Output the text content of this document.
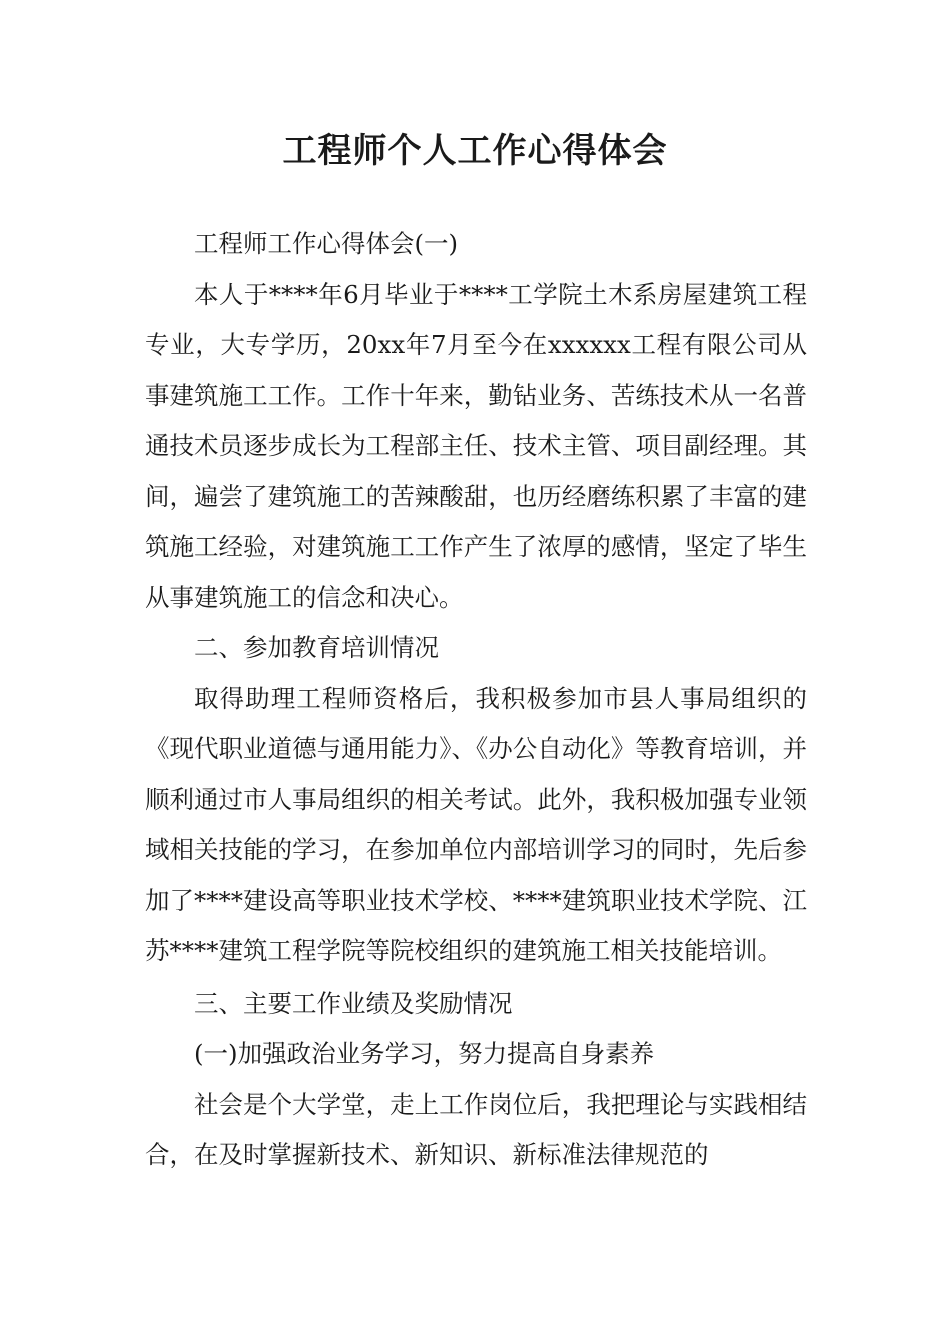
工程师个人工作心得体会

工程师工作心得体会(一)

本人于****年6月毕业于****工学院土木系房屋建筑工程专业，大专学历，20xx年7月至今在xxxxxx工程有限公司从事建筑施工工作。工作十年来，勤钻业务、苦练技术从一名普通技术员逐步成长为工程部主任、技术主管、项目副经理。其间，遍尝了建筑施工的苦辣酸甜，也历经磨练积累了丰富的建筑施工经验，对建筑施工工作产生了浓厚的感情，坚定了毕生从事建筑施工的信念和决心。

二、参加教育培训情况

取得助理工程师资格后，我积极参加市县人事局组织的《现代职业道德与通用能力》、《办公自动化》等教育培训，并顺利通过市人事局组织的相关考试。此外，我积极加强专业领域相关技能的学习，在参加单位内部培训学习的同时，先后参加了****建设高等职业技术学校、****建筑职业技术学院、江苏****建筑工程学院等院校组织的建筑施工相关技能培训。

三、主要工作业绩及奖励情况

(一)加强政治业务学习，努力提高自身素养

社会是个大学堂，走上工作岗位后，我把理论与实践相结合，在及时掌握新技术、新知识、新标准法律规范的
